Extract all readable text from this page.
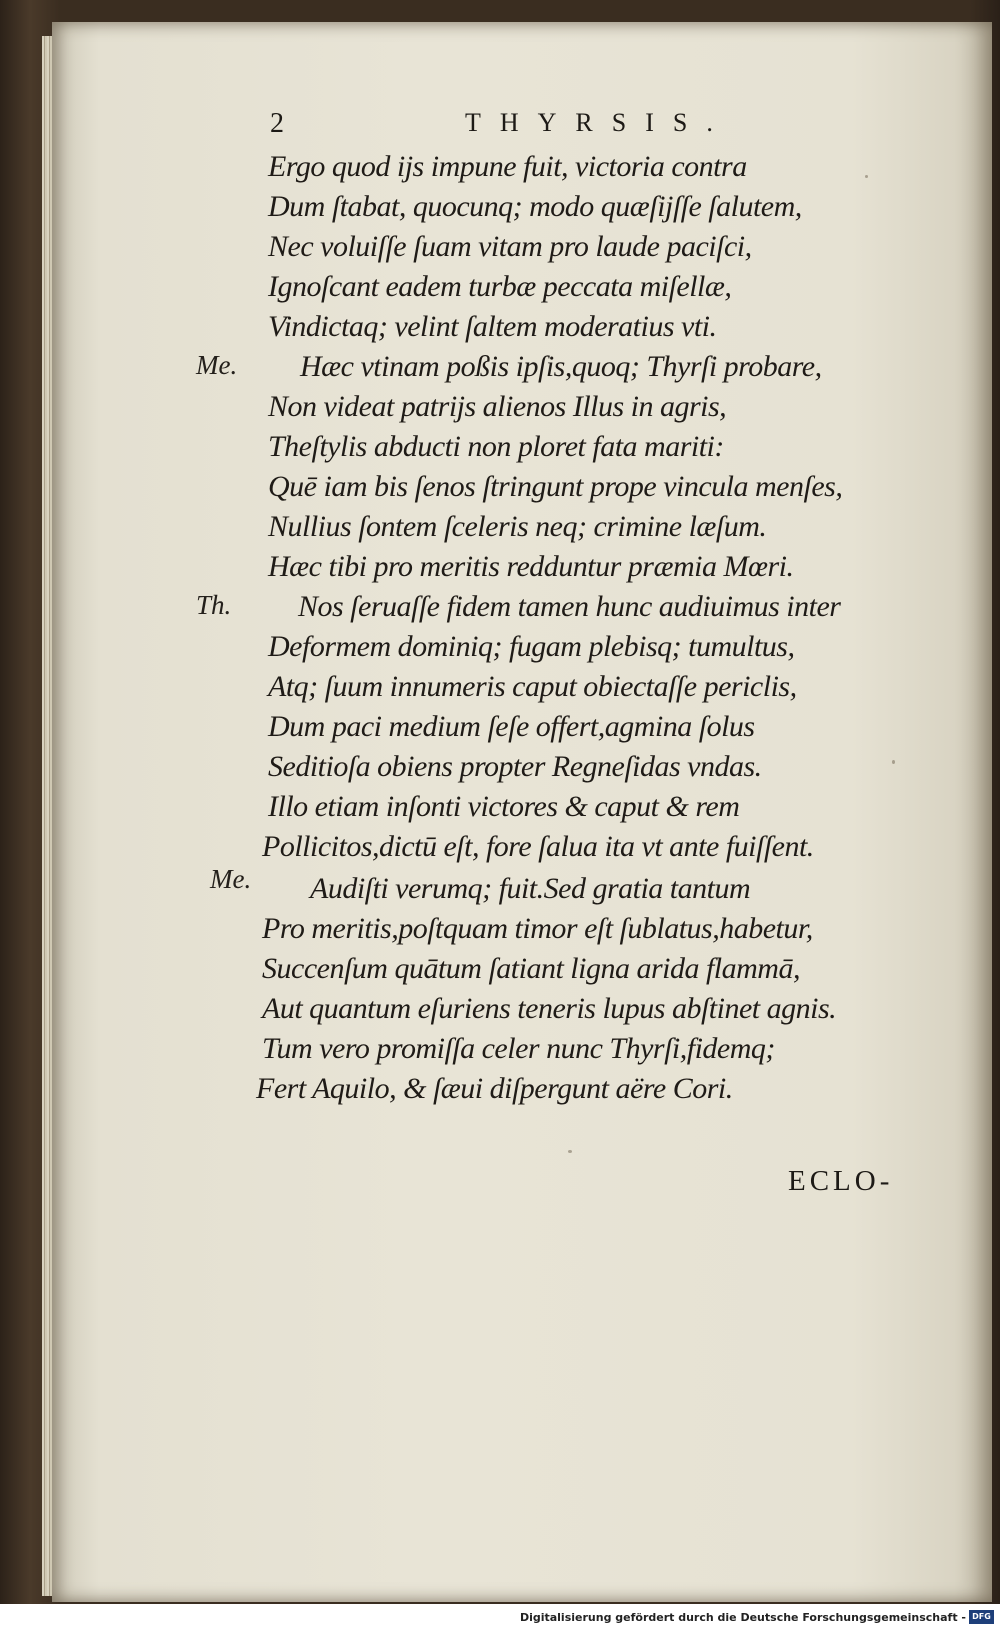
2	THYRSIS.
Ergo quod ijs impune fuit, victoria contra
Dum ſtabat, quocunq; modo quæſijſſe ſalutem,
Nec voluiſſe ſuam vitam pro laude paciſci,
Ignoſcant eadem turbæ peccata miſellæ,
Vindictaq; velint ſaltem moderatius vti.
Me. Hæc vtinam poßis ipſis,quoq; Thyrſi probare,
Non videat patrijs alienos Illus in agris,
Theſtylis abducti non ploret fata mariti:
Quē iam bis ſenos ſtringunt prope vincula menſes,
Nullius ſontem ſceleris neq; crimine læſum.
Hæc tibi pro meritis redduntur præmia Mœri.
Th. Nos ſeruaſſe fidem tamen hunc audiuimus inter
Deformem dominiq; fugam plebisq; tumultus,
Atq; ſuum innumeris caput obiectaſſe periclis,
Dum paci medium ſeſe offert,agmina ſolus
Seditioſa obiens propter Regneſidas vndas.
Illo etiam inſonti victores & caput & rem
Pollicitos,dictū eſt, fore ſalua ita vt ante fuiſſent.
Me. Audiſti verumq; fuit.Sed gratia tantum
Pro meritis,poſtquam timor eſt ſublatus,habetur,
Succenſum quātum ſatiant ligna arida flammā,
Aut quantum eſuriens teneris lupus abſtinet agnis.
Tum vero promiſſa celer nunc Thyrſi,fidemq;
Fert Aquilo, & ſæui diſpergunt aëre Cori.
ECLO-
Digitalisierung gefördert durch die Deutsche Forschungsgemeinschaft - DFG
